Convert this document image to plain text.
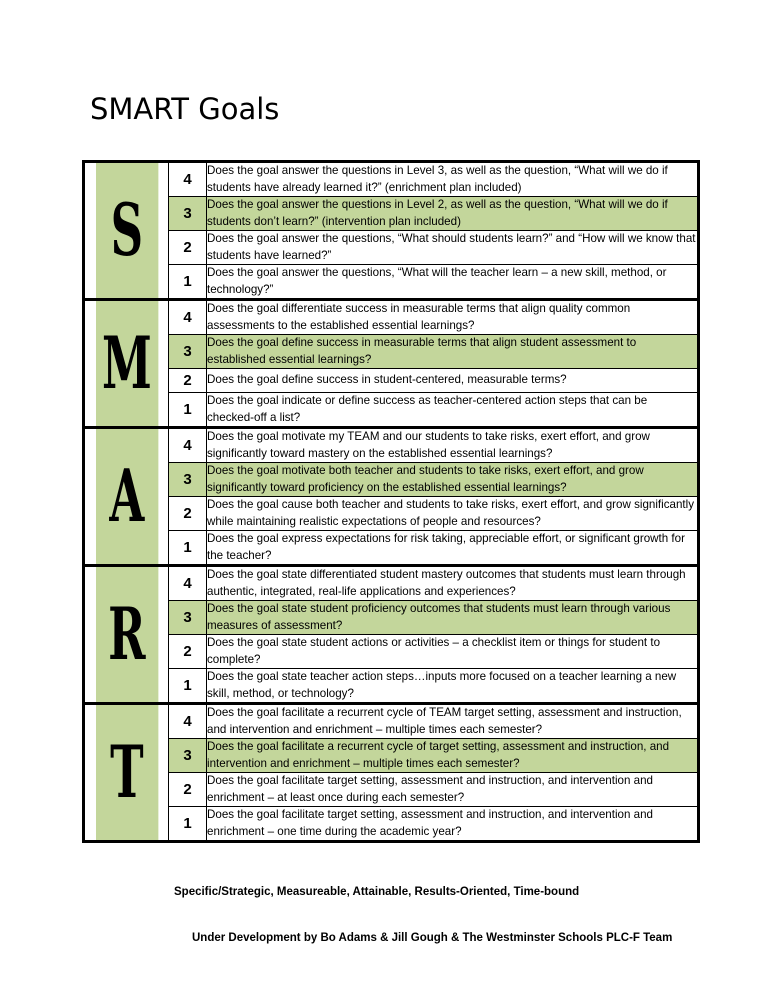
SMART Goals
S	4	Does the goal answer the questions in Level 3, as well as the question, “What will we do if students have already learned it?” (enrichment plan included)
	3	Does the goal answer the questions in Level 2, as well as the question, “What will we do if students don’t learn?” (intervention plan included)
	2	Does the goal answer the questions, “What should students learn?” and “How will we know that students have learned?”
	1	Does the goal answer the questions, “What will the teacher learn – a new skill, method, or technology?”
M	4	Does the goal differentiate success in measurable terms that align quality common assessments to the established essential learnings?
	3	Does the goal define success in measurable terms that align student assessment to established essential learnings?
	2	Does the goal define success in student-centered, measurable terms?
	1	Does the goal indicate or define success as teacher-centered action steps that can be checked-off a list?
A	4	Does the goal motivate my TEAM and our students to take risks, exert effort, and grow significantly toward mastery on the established essential learnings?
	3	Does the goal motivate both teacher and students to take risks, exert effort, and grow significantly toward proficiency on the established essential learnings?
	2	Does the goal cause both teacher and students to take risks, exert effort, and grow significantly while maintaining realistic expectations of people and resources?
	1	Does the goal express expectations for risk taking, appreciable effort, or significant growth for the teacher?
R	4	Does the goal state differentiated student mastery outcomes that students must learn through authentic, integrated, real-life applications and experiences?
	3	Does the goal state student proficiency outcomes that students must learn through various measures of assessment?
	2	Does the goal state student actions or activities – a checklist item or things for student to complete?
	1	Does the goal state teacher action steps…inputs more focused on a teacher learning a new skill, method, or technology?
T	4	Does the goal facilitate a recurrent cycle of TEAM target setting, assessment and instruction, and intervention and enrichment – multiple times each semester?
	3	Does the goal facilitate a recurrent cycle of target setting, assessment and instruction, and intervention and enrichment – multiple times each semester?
	2	Does the goal facilitate target setting, assessment and instruction, and intervention and enrichment – at least once during each semester?
	1	Does the goal facilitate target setting, assessment and instruction, and intervention and enrichment – one time during the academic year?
Specific/Strategic, Measureable, Attainable, Results-Oriented, Time-bound
Under Development by Bo Adams & Jill Gough & The Westminster Schools PLC-F Team
